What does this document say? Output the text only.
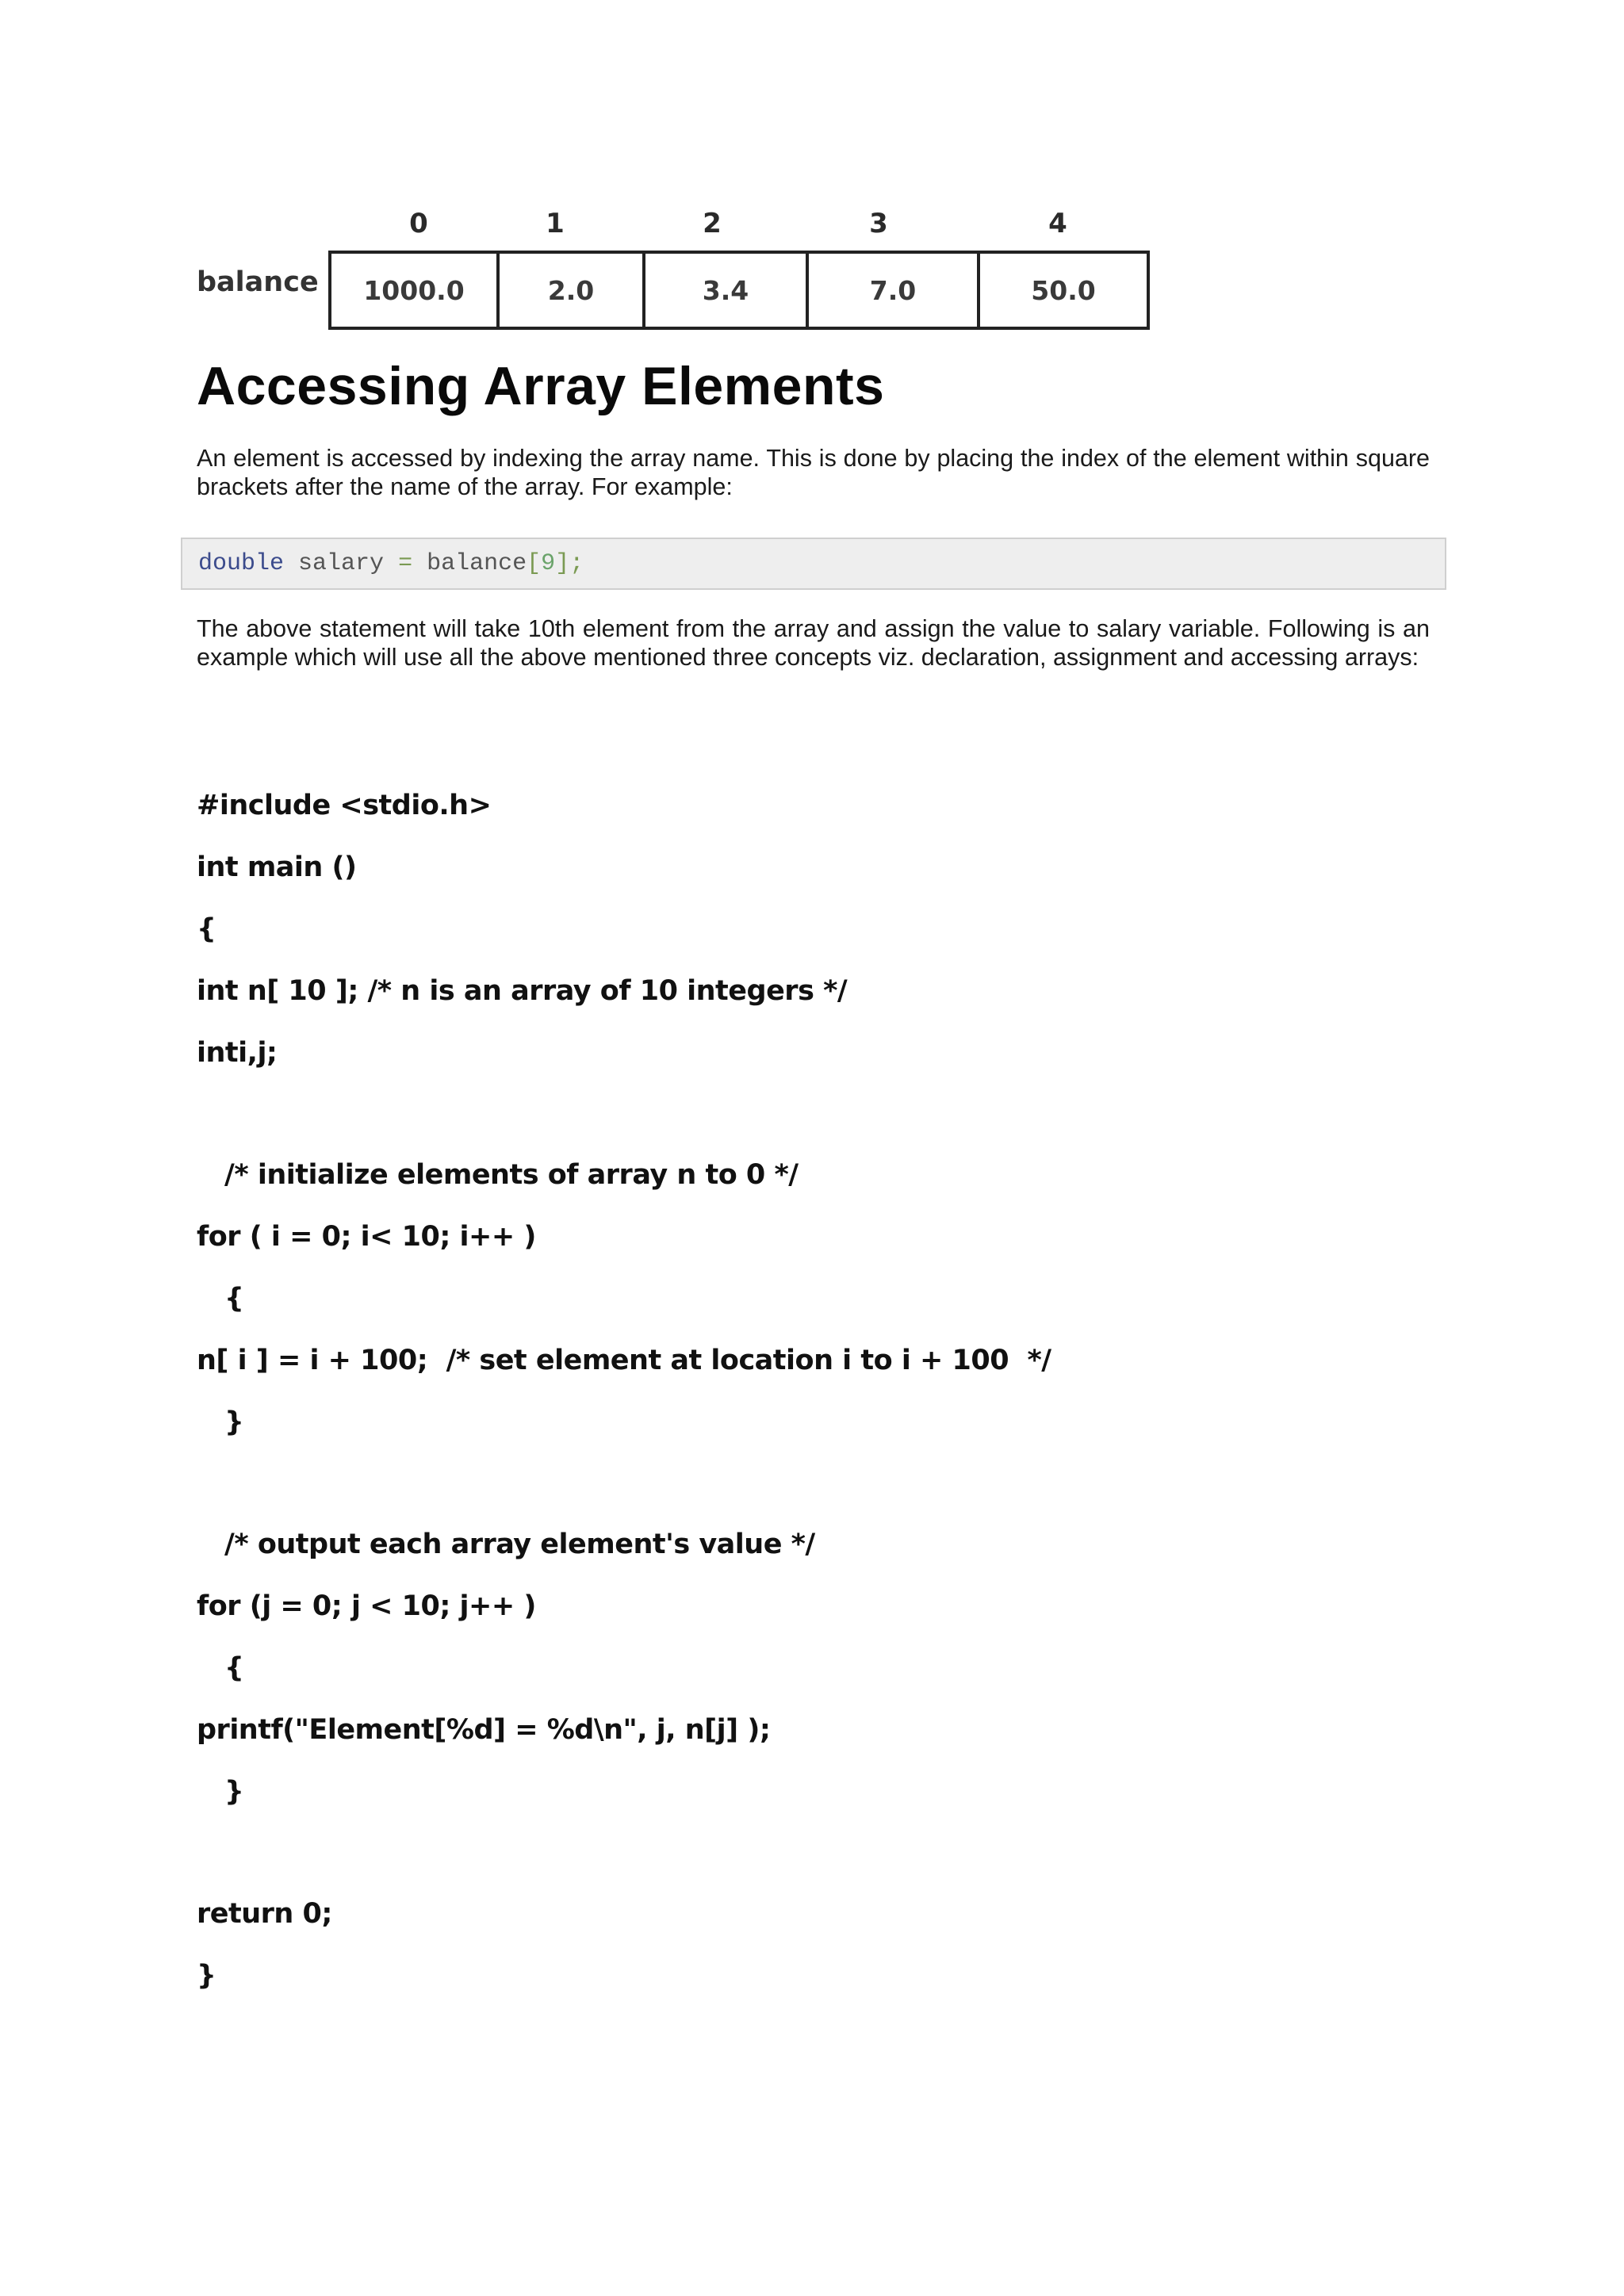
0	1	2	3	4
balance	1000.0	2.0	3.4	7.0	50.0
Accessing Array Elements

An element is accessed by indexing the array name. This is done by placing the index of the element within square brackets after the name of the array. For example:

double
salary
=
balance [ 9 ] ;

The above statement will take 10th element from the array and assign the value to salary variable. Following is an example which will use all the above mentioned three concepts viz. declaration, assignment and accessing arrays:

#include <stdio.h>
int main ()
{
int n[ 10 ]; /* n is an array of 10 integers */
inti,j;
/* initialize elements of array n to 0 */
for ( i = 0; i< 10; i++ )
{
n[ i ] = i + 100;  /* set element at location i to i + 100  */
}
/* output each array element's value */
for (j = 0; j < 10; j++ )
{
printf("Element[%d] = %d\n", j, n[j] );
}
return 0;
}
